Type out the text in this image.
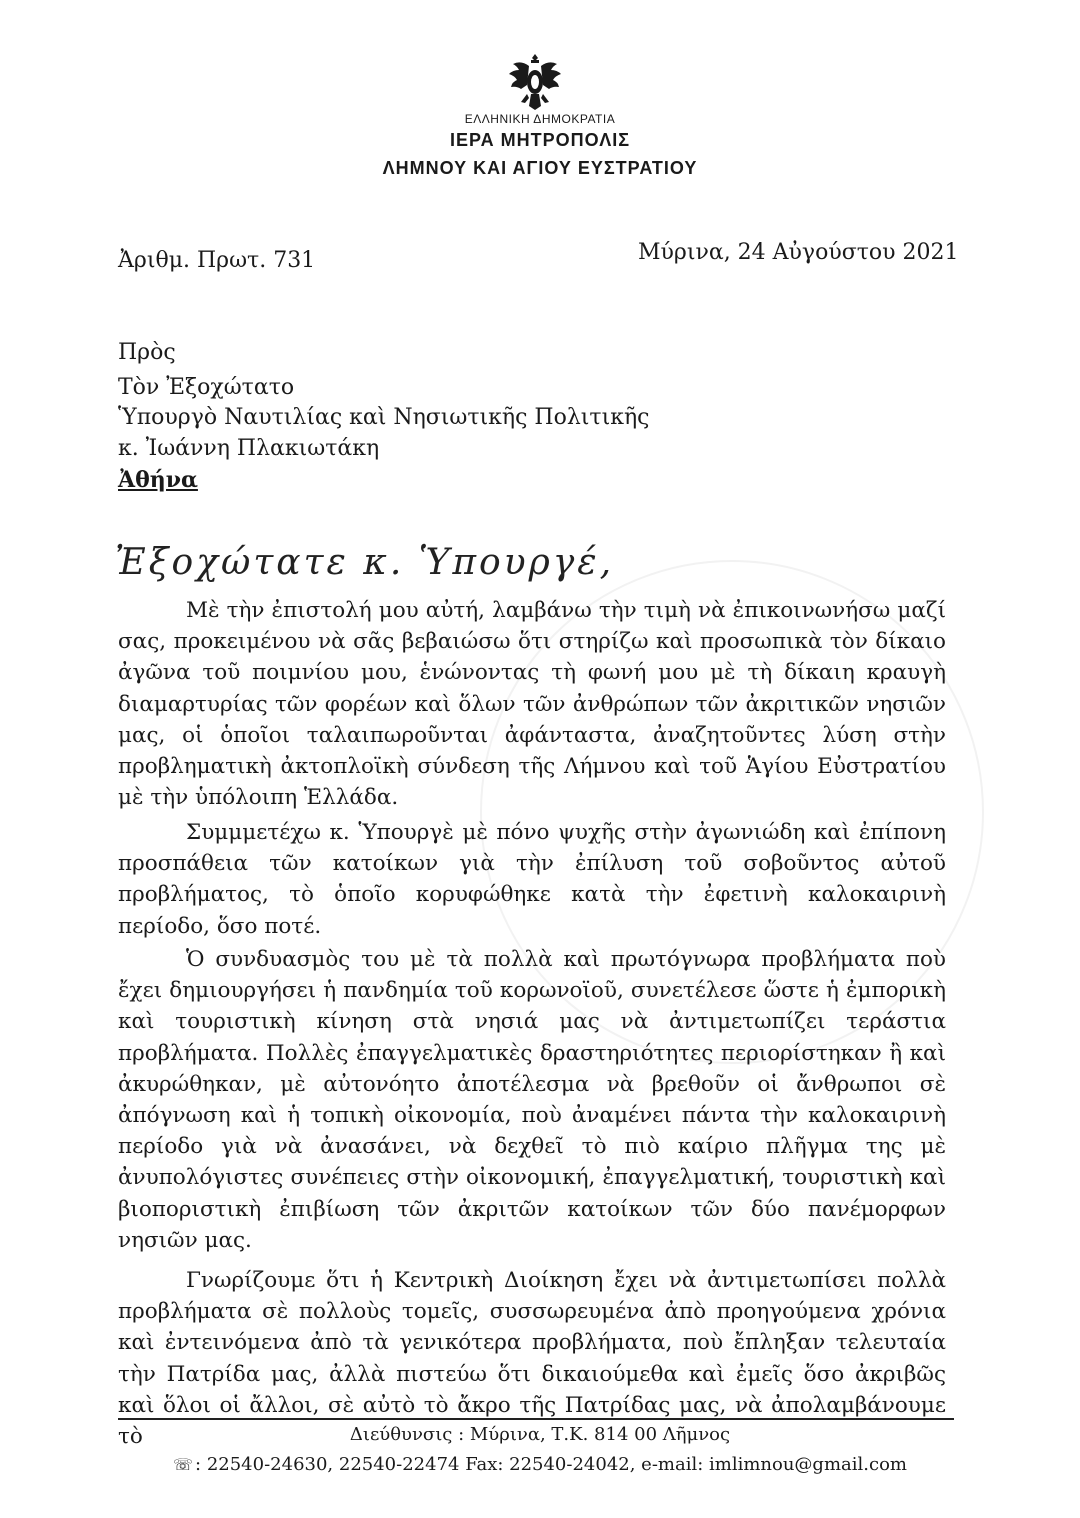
ΕΛΛΗΝΙΚΗ ΔΗΜΟΚΡΑΤΙΑ
ΙΕΡΑ ΜΗΤΡΟΠΟΛΙΣ
ΛΗΜΝΟΥ ΚΑΙ ΑΓΙΟΥ ΕΥΣΤΡΑΤΙΟΥ
Ἀριθμ. Πρωτ. 731	Μύρινα, 24 Αὐγούστου 2021
Πρὸς
Τὸν Ἐξοχώτατο
Ὑπουργὸ Ναυτιλίας καὶ Νησιωτικῆς Πολιτικῆς
κ. Ἰωάννη Πλακιωτάκη
Ἀθήνα
Ἐξοχώτατε κ. Ὑπουργέ,

Μὲ τὴν ἐπιστολή μου αὐτή, λαμβάνω τὴν τιμὴ νὰ ἐπικοινωνήσω μαζί σας, προκειμένου νὰ σᾶς βεβαιώσω ὅτι στηρίζω καὶ προσωπικὰ τὸν δίκαιο ἀγῶνα τοῦ ποιμνίου μου, ἑνώνοντας τὴ φωνή μου μὲ τὴ δίκαιη κραυγὴ διαμαρτυρίας τῶν φορέων καὶ ὅλων τῶν ἀνθρώπων τῶν ἀκριτικῶν νησιῶν μας, οἱ ὁποῖοι ταλαιπωροῦνται ἀφάνταστα, ἀναζητοῦντες λύση στὴν προβληματικὴ ἀκτοπλοϊκὴ σύνδεση τῆς Λήμνου καὶ τοῦ Ἁγίου Εὐστρατίου μὲ τὴν ὑπόλοιπη Ἑλλάδα.

Συμμμετέχω κ. Ὑπουργὲ μὲ πόνο ψυχῆς στὴν ἀγωνιώδη καὶ ἐπίπονη προσπάθεια τῶν κατοίκων γιὰ τὴν ἐπίλυση τοῦ σοβοῦντος αὐτοῦ προβλήματος, τὸ ὁποῖο κορυφώθηκε κατὰ τὴν ἐφετινὴ καλοκαιρινὴ περίοδο, ὅσο ποτέ.

Ὁ συνδυασμὸς του μὲ τὰ πολλὰ καὶ πρωτόγνωρα προβλήματα ποὺ ἔχει δημιουργήσει ἡ πανδημία τοῦ κορωνοϊοῦ, συνετέλεσε ὥστε ἡ ἐμπορικὴ καὶ τουριστικὴ κίνηση στὰ νησιά μας νὰ ἀντιμετωπίζει τεράστια προβλήματα. Πολλὲς ἐπαγγελματικὲς δραστηριότητες περιορίστηκαν ἢ καὶ ἀκυρώθηκαν, μὲ αὐτονόητο ἀποτέλεσμα νὰ βρεθοῦν οἱ ἄνθρωποι σὲ ἀπόγνωση καὶ ἡ τοπικὴ οἰκονομία, ποὺ ἀναμένει πάντα τὴν καλοκαιρινὴ περίοδο γιὰ νὰ ἀνασάνει, νὰ δεχθεῖ τὸ πιὸ καίριο πλῆγμα της μὲ ἀνυπολόγιστες συνέπειες στὴν οἰκονομική, ἐπαγγελματική, τουριστικὴ καὶ βιοποριστικὴ ἐπιβίωση τῶν ἀκριτῶν κατοίκων τῶν δύο πανέμορφων νησιῶν μας.

Γνωρίζουμε ὅτι ἡ Κεντρικὴ Διοίκηση ἔχει νὰ ἀντιμετωπίσει πολλὰ προβλήματα σὲ πολλοὺς τομεῖς, συσσωρευμένα ἀπὸ προηγούμενα χρόνια καὶ ἐντεινόμενα ἀπὸ τὰ γενικότερα προβλήματα, ποὺ ἔπληξαν τελευταία τὴν Πατρίδα μας, ἀλλὰ πιστεύω ὅτι δικαιούμεθα καὶ ἐμεῖς ὅσο ἀκριβῶς καὶ ὅλοι οἱ ἄλλοι, σὲ αὐτὸ τὸ ἄκρο τῆς Πατρίδας μας, νὰ ἀπολαμβάνουμε τὸ	Διεύθυνσις : Μύρινα, Τ.Κ. 814 00 Λῆμνος
☏ : 22540-24630, 22540-22474 Fax: 22540-24042, e-mail: imlimnou@gmail.com
